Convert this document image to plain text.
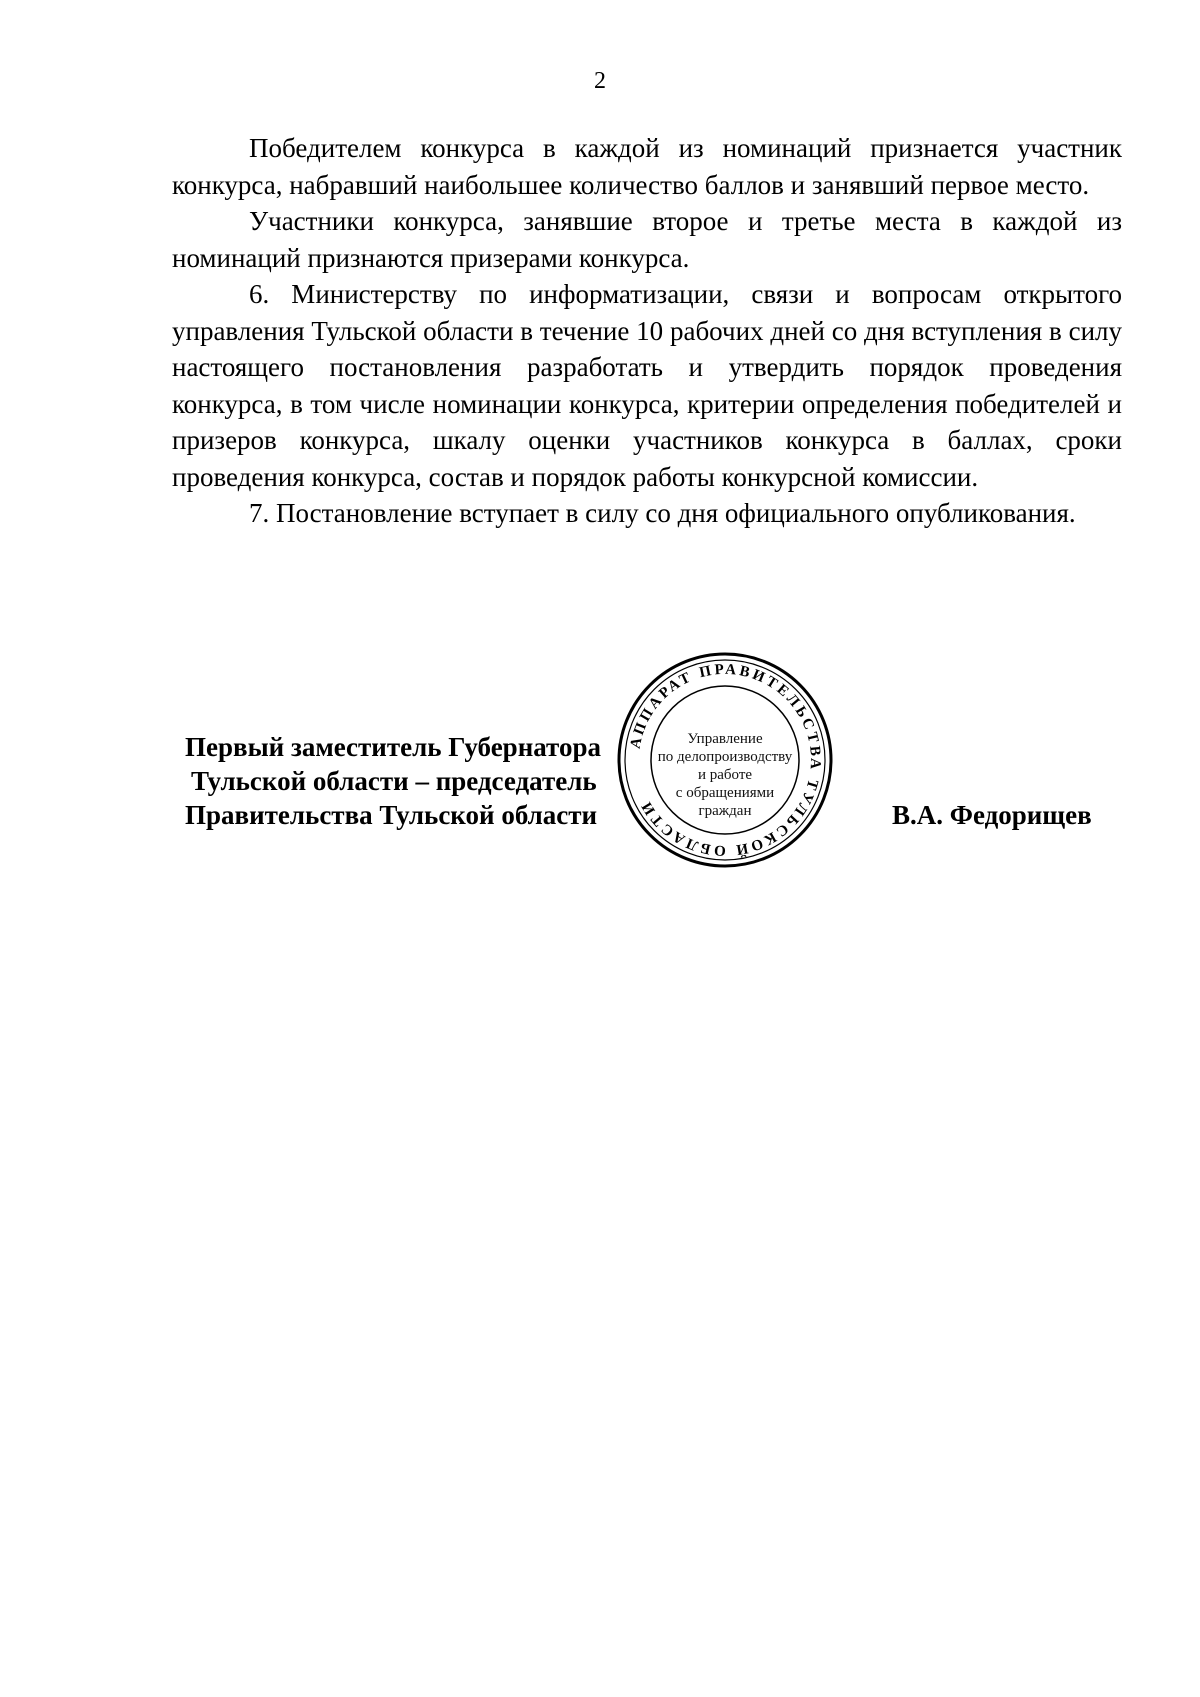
2

Победителем конкурса в каждой из номинаций признается участник конкурса, набравший наибольшее количество баллов и занявший первое место.

Участники конкурса, занявшие второе и третье места в каждой из номинаций признаются призерами конкурса.

6. Министерству по информатизации, связи и вопросам открытого управления Тульской области в течение 10 рабочих дней со дня вступления в силу настоящего постановления разработать и утвердить порядок проведения конкурса, в том числе номинации конкурса, критерии определения победителей и призеров конкурса, шкалу оценки участников конкурса в баллах, сроки проведения конкурса, состав и порядок работы конкурсной комиссии.

7. Постановление вступает в силу со дня официального опубликования.

Первый заместитель Губернатора
Тульской области – председатель
Правительства Тульской области
АППАРАТ ПРАВИТЕЛЬСТВА ТУЛЬСКОЙ ОБЛАСТИ
Управление
по делопроизводству
и работе
с обращениями
граждан	В.А. Федорищев
